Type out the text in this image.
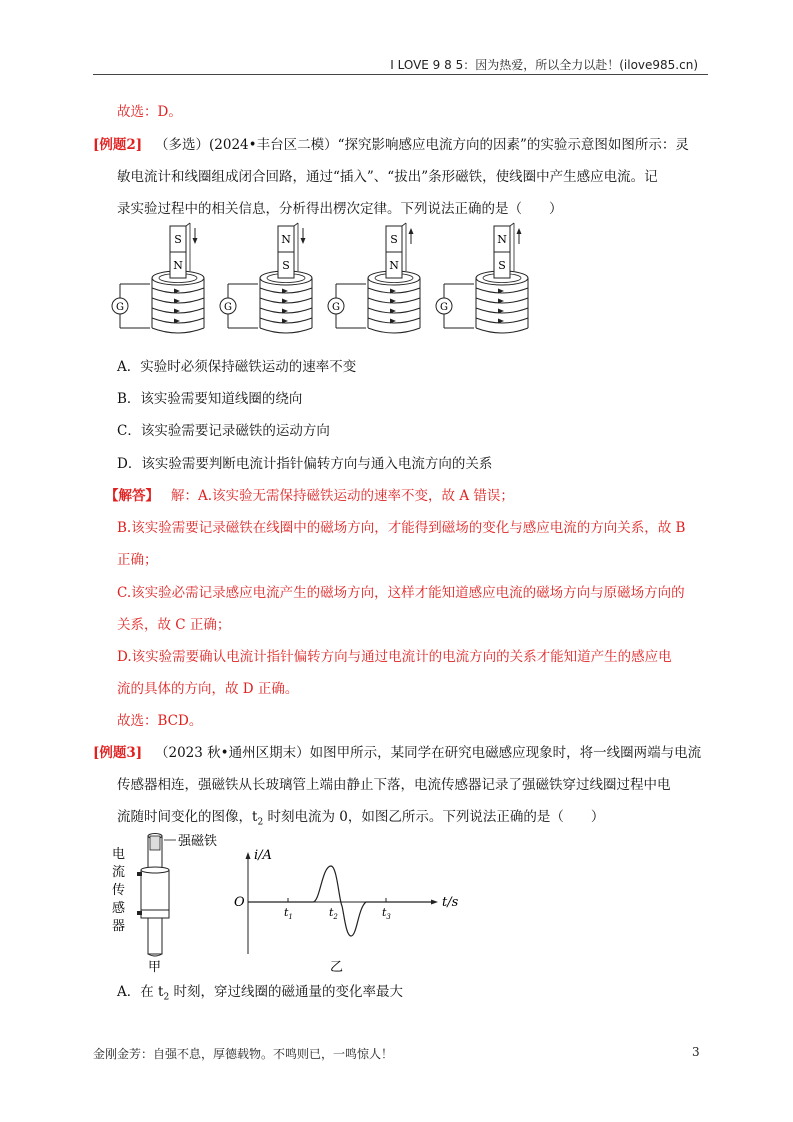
I LOVE 9 8 5：因为热爱，所以全力以赴！(ilove985.cn)
故选：D。
[例题2] （多选）(2024•丰台区二模）“探究影响感应电流方向的因素”的实验示意图如图所示：灵
敏电流计和线圈组成闭合回路，通过“插入”、“拔出”条形磁铁，使线圈中产生感应电流。记
录实验过程中的相关信息，分析得出楞次定律。下列说法正确的是（　　）
S
N
G
N
S
G
S
N
G
N
S
G
A．实验时必须保持磁铁运动的速率不变
B．该实验需要知道线圈的绕向
C．该实验需要记录磁铁的运动方向
D．该实验需要判断电流计指针偏转方向与通入电流方向的关系
【解答】 解：A.该实验无需保持磁铁运动的速率不变，故 A 错误；
B.该实验需要记录磁铁在线圈中的磁场方向，才能得到磁场的变化与感应电流的方向关系，故 B
正确；
C.该实验必需记录感应电流产生的磁场方向，这样才能知道感应电流的磁场方向与原磁场方向的
关系，故 C 正确；
D.该实验需要确认电流计指针偏转方向与通过电流计的电流方向的关系才能知道产生的感应电
流的具体的方向，故 D 正确。
故选：BCD。
[例题3] （2023 秋•通州区期末）如图甲所示，某同学在研究电磁感应现象时，将一线圈两端与电流
传感器相连，强磁铁从长玻璃管上端由静止下落，电流传感器记录了强磁铁穿过线圈过程中电
流随时间变化的图像，$t_2$ 时刻电流为 0，如图乙所示。下列说法正确的是（　　）
强磁铁
电
流
传
感
器
甲
i/A
t/s
O
$t_1$	$t_2$	$t_3$
乙
A．在 $t_2$ 时刻，穿过线圈的磁通量的变化率最大
金刚金芳：自强不息，厚德载物。不鸣则已，一鸣惊人！	3
